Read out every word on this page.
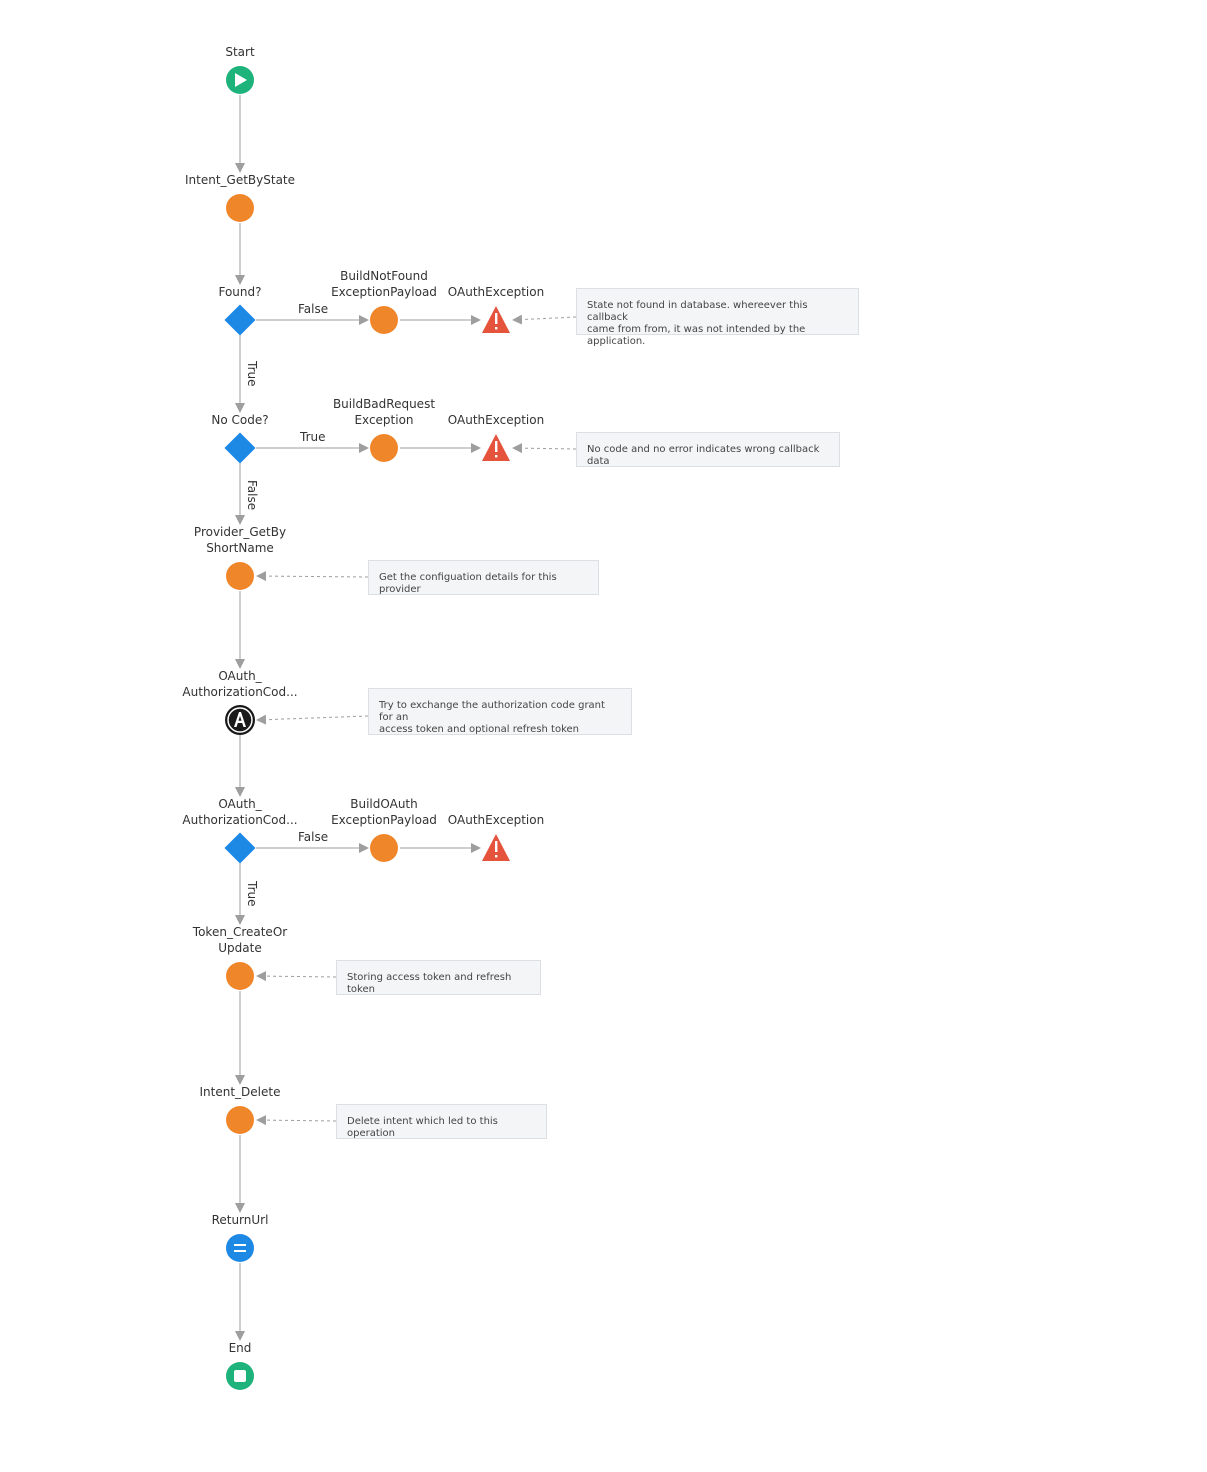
Start
Intent_GetByState
Found?
BuildNotFound
ExceptionPayload OAuthException
No Code?
BuildBadRequest
Exception	OAuthException
Provider_GetBy
ShortName
OAuth_
AuthorizationCod...
OAuth_
AuthorizationCod...
BuildOAuth
ExceptionPayload OAuthException
Token_CreateOr
Update
Intent_Delete
ReturnUrl
End
False
True
True
False
False
True
State not found in database. whereever this callback
came from from, it was not intended by the application.
No code and no error indicates wrong callback data
Get the configuation details for this provider
Try to exchange the authorization code grant for an
access token and optional refresh token
Storing access token and refresh token
Delete intent which led to this operation
